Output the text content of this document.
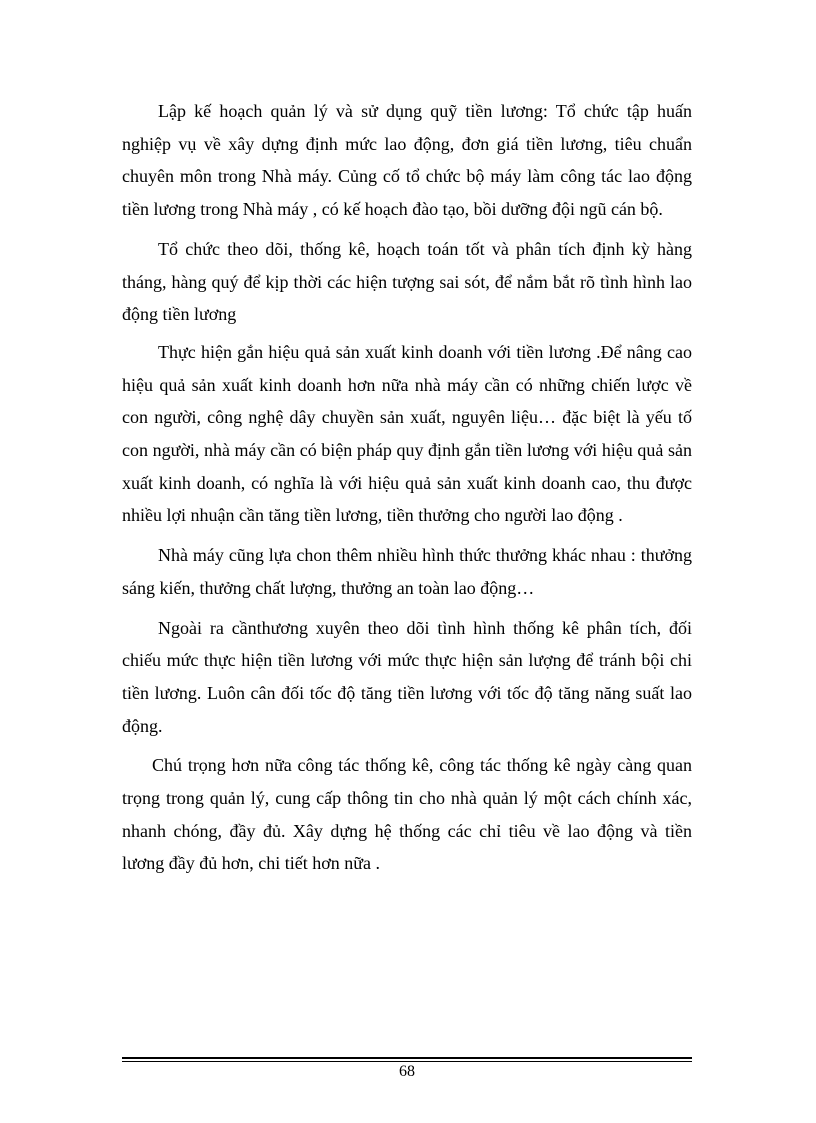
Lập kế hoạch quản lý và sử dụng quỹ tiền lương: Tổ chức tập huấn nghiệp vụ về xây dựng định mức lao động, đơn giá tiền lương, tiêu chuẩn chuyên môn trong Nhà máy. Củng cố tổ chức bộ máy làm công tác lao động tiền lương trong Nhà máy , có kế hoạch đào tạo, bồi dưỡng đội ngũ cán bộ.

Tổ chức theo dõi, thống kê, hoạch toán tốt và phân tích định kỳ hàng tháng, hàng quý để kịp thời các hiện tượng sai sót, để nắm bắt rõ tình hình lao động tiền lương

Thực hiện gắn hiệu quả sản xuất kinh doanh với tiền lương .Để nâng cao hiệu quả sản xuất kinh doanh hơn nữa nhà máy cần có những chiến lược về con người, công nghệ dây chuyền sản xuất, nguyên liệu… đặc biệt là yếu tố con người, nhà máy cần có biện pháp quy định gắn tiền lương với hiệu quả sản xuất kinh doanh, có nghĩa là với hiệu quả sản xuất kinh doanh cao, thu được nhiều lợi nhuận cần tăng tiền lương, tiền thưởng cho người lao động .

Nhà máy cũng lựa chon thêm nhiều hình thức thưởng khác nhau : thưởng sáng kiến, thưởng chất lượng, thưởng an toàn lao động…

Ngoài ra cầnthương xuyên theo dõi tình hình thống kê phân tích, đối chiếu mức thực hiện tiền lương với mức thực hiện sản lượng để tránh bội chi tiền lương. Luôn cân đối tốc độ tăng tiền lương với tốc độ tăng năng suất lao động.

Chú trọng hơn nữa công tác thống kê, công tác thống kê ngày càng quan trọng trong quản lý, cung cấp thông tin cho nhà quản lý một cách chính xác, nhanh chóng, đầy đủ. Xây dựng hệ thống các chỉ tiêu về lao động và tiền lương đầy đủ hơn, chi tiết hơn nữa .

68
